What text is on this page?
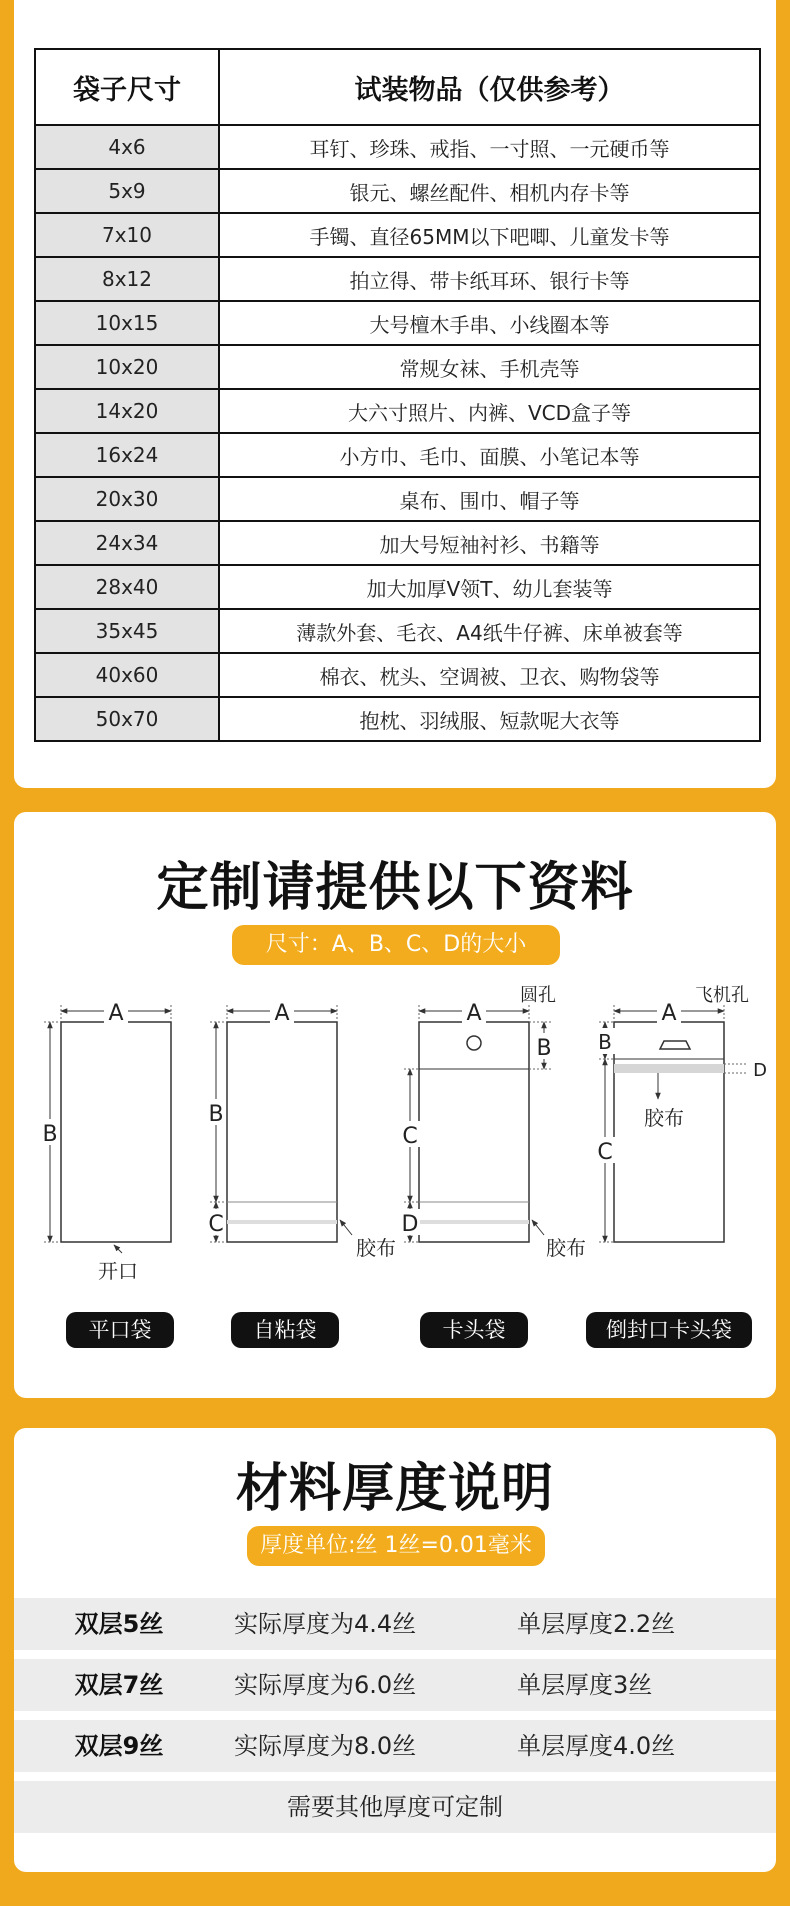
袋子尺寸	试装物品（仅供参考）
4x6	耳钉、珍珠、戒指、一寸照、一元硬币等
5x9	银元、螺丝配件、相机内存卡等
7x10	手镯、直径65MM以下吧唧、儿童发卡等
8x12	拍立得、带卡纸耳环、银行卡等
10x15	大号檀木手串、小线圈本等
10x20	常规女袜、手机壳等
14x20	大六寸照片、内裤、VCD盒子等
16x24	小方巾、毛巾、面膜、小笔记本等
20x30	桌布、围巾、帽子等
24x34	加大号短袖衬衫、书籍等
28x40	加大加厚V领T、幼儿套装等
35x45	薄款外套、毛衣、A4纸牛仔裤、床单被套等
40x60	棉衣、枕头、空调被、卫衣、购物袋等
50x70	抱枕、羽绒服、短款呢大衣等
定制请提供以下资料
尺寸：A、B、C、D的大小
A
B
开口
A
B
C
胶布
圆孔
A
B
C
D
胶布
飞机孔
A
B
C
D
胶布
平口袋	自粘袋	卡头袋	倒封口卡头袋
材料厚度说明
厚度单位:丝 1丝=0.01毫米
双层5丝	实际厚度为4.4丝	单层厚度2.2丝
双层7丝	实际厚度为6.0丝	单层厚度3丝
双层9丝	实际厚度为8.0丝	单层厚度4.0丝
需要其他厚度可定制
